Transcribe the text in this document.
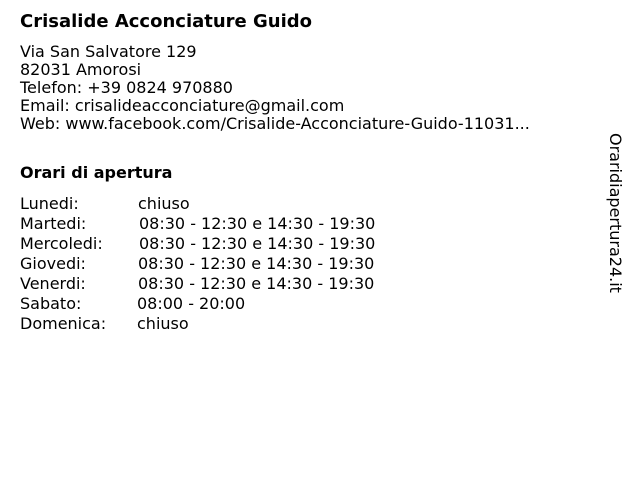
Crisalide Acconciature Guido
Via San Salvatore 129
82031 Amorosi
Telefon: +39 0824 970880
Email: crisalideacconciature@gmail.com
Web: www.facebook.com/Crisalide-Acconciature-Guido-11031...
Orari di apertura
Lunedi:	chiuso
Martedi:	08:30 - 12:30 e 14:30 - 19:30
Mercoledi: 08:30 - 12:30 e 14:30 - 19:30
Giovedi:	08:30 - 12:30 e 14:30 - 19:30
Venerdi:	08:30 - 12:30 e 14:30 - 19:30
Sabato:	08:00 - 20:00
Domenica: chiuso
Oraridiapertura24.it
